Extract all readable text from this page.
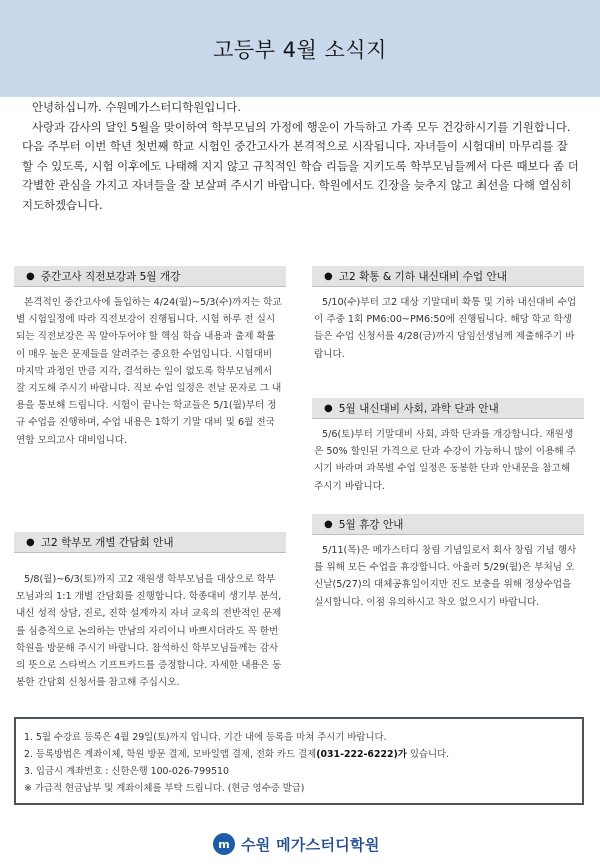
고등부 4월 소식지

안녕하십니까. 수원메가스터디학원입니다.

사랑과 감사의 달인 5월을 맞이하여 학부모님의 가정에 행운이 가득하고 가족 모두 건강하시기를 기원합니다. 다음 주부터 이번 학년 첫번째 학교 시험인 중간고사가 본격적으로 시작됩니다. 자녀들이 시험대비 마무리를 잘 할 수 있도록, 시험 이후에도 나태해 지지 않고 규칙적인 학습 리듬을 지키도록 학부모님들께서 다른 때보다 좀 더 각별한 관심을 가지고 자녀들을 잘 보살펴 주시기 바랍니다. 학원에서도 긴장을 늦추지 않고 최선을 다해 열심히 지도하겠습니다.

● 중간고사 직전보강과 5월 개강

본격적인 중간고사에 돌입하는 4/24(월)~5/3(수)까지는 학교별 시험일정에 따라 직전보강이 진행됩니다. 시험 하루 전 실시되는 직전보강은 꼭 알아두어야 할 핵심 학습 내용과 출제 확률이 매우 높은 문제들을 알려주는 중요한 수업입니다. 시험대비 마지막 과정인 만큼 지각, 결석하는 일이 없도록 학부모님께서 잘 지도해 주시기 바랍니다. 직보 수업 일정은 전날 문자로 그 내용을 통보해 드립니다. 시험이 끝나는 학교들은 5/1(월)부터 정규 수업을 진행하며, 수업 내용은 1학기 기말 대비 및 6월 전국연합 모의고사 대비입니다.

● 고2 학부모 개별 간담회 안내

5/8(월)~6/3(토)까지 고2 재원생 학부모님을 대상으로 학부모님과의 1:1 개별 간담회를 진행합니다. 학종대비 생기부 분석, 내신 성적 상담, 진로, 진학 설계까지 자녀 교육의 전반적인 문제를 심층적으로 논의하는 만남의 자리이니 바쁘시더라도 꼭 한번 학원을 방문해 주시기 바랍니다. 참석하신 학부모님들께는 감사의 뜻으로 스타벅스 기프트카드를 증정합니다. 자세한 내용은 동봉한 간담회 신청서를 참고해 주십시오.

● 고2 확통 & 기하 내신대비 수업 안내

5/10(수)부터 고2 대상 기말대비 확통 및 기하 내신대비 수업이 주중 1회 PM6:00~PM6:50에 진행됩니다. 해당 학교 학생들은 수업 신청서를 4/28(금)까지 담임선생님께 제출해주기 바랍니다.

● 5월 내신대비 사회, 과학 단과 안내

5/6(토)부터 기말대비 사회, 과학 단과를 개강합니다. 재원생은 50% 할인된 가격으로 단과 수강이 가능하니 많이 이용해 주시기 바라며 과목별 수업 일정은 동봉한 단과 안내문을 참고해 주시기 바랍니다.

● 5월 휴강 안내

5/11(목)은 메가스터디 창립 기념일로서 회사 창립 기념 행사를 위해 모든 수업을 휴강합니다. 아울러 5/29(월)은 부처님 오신날(5/27)의 대체공휴일이지만 진도 보충을 위해 정상수업을 실시합니다. 이점 유의하시고 착오 없으시기 바랍니다.

1. 5월 수강료 등록은 4월 29일(토)까지 입니다. 기간 내에 등록을 마쳐 주시기 바랍니다.
2. 등록방법은 계좌이체, 학원 방문 결제, 모바일앱 결제, 전화 카드 결제(031-222-6222)가 있습니다.
3. 입금시 계좌번호 : 신한은행 100-026-799510
※ 가급적 현금납부 및 계좌이체를 부탁 드립니다. (현금 영수증 발급)
m 수원 메가스터디학원
